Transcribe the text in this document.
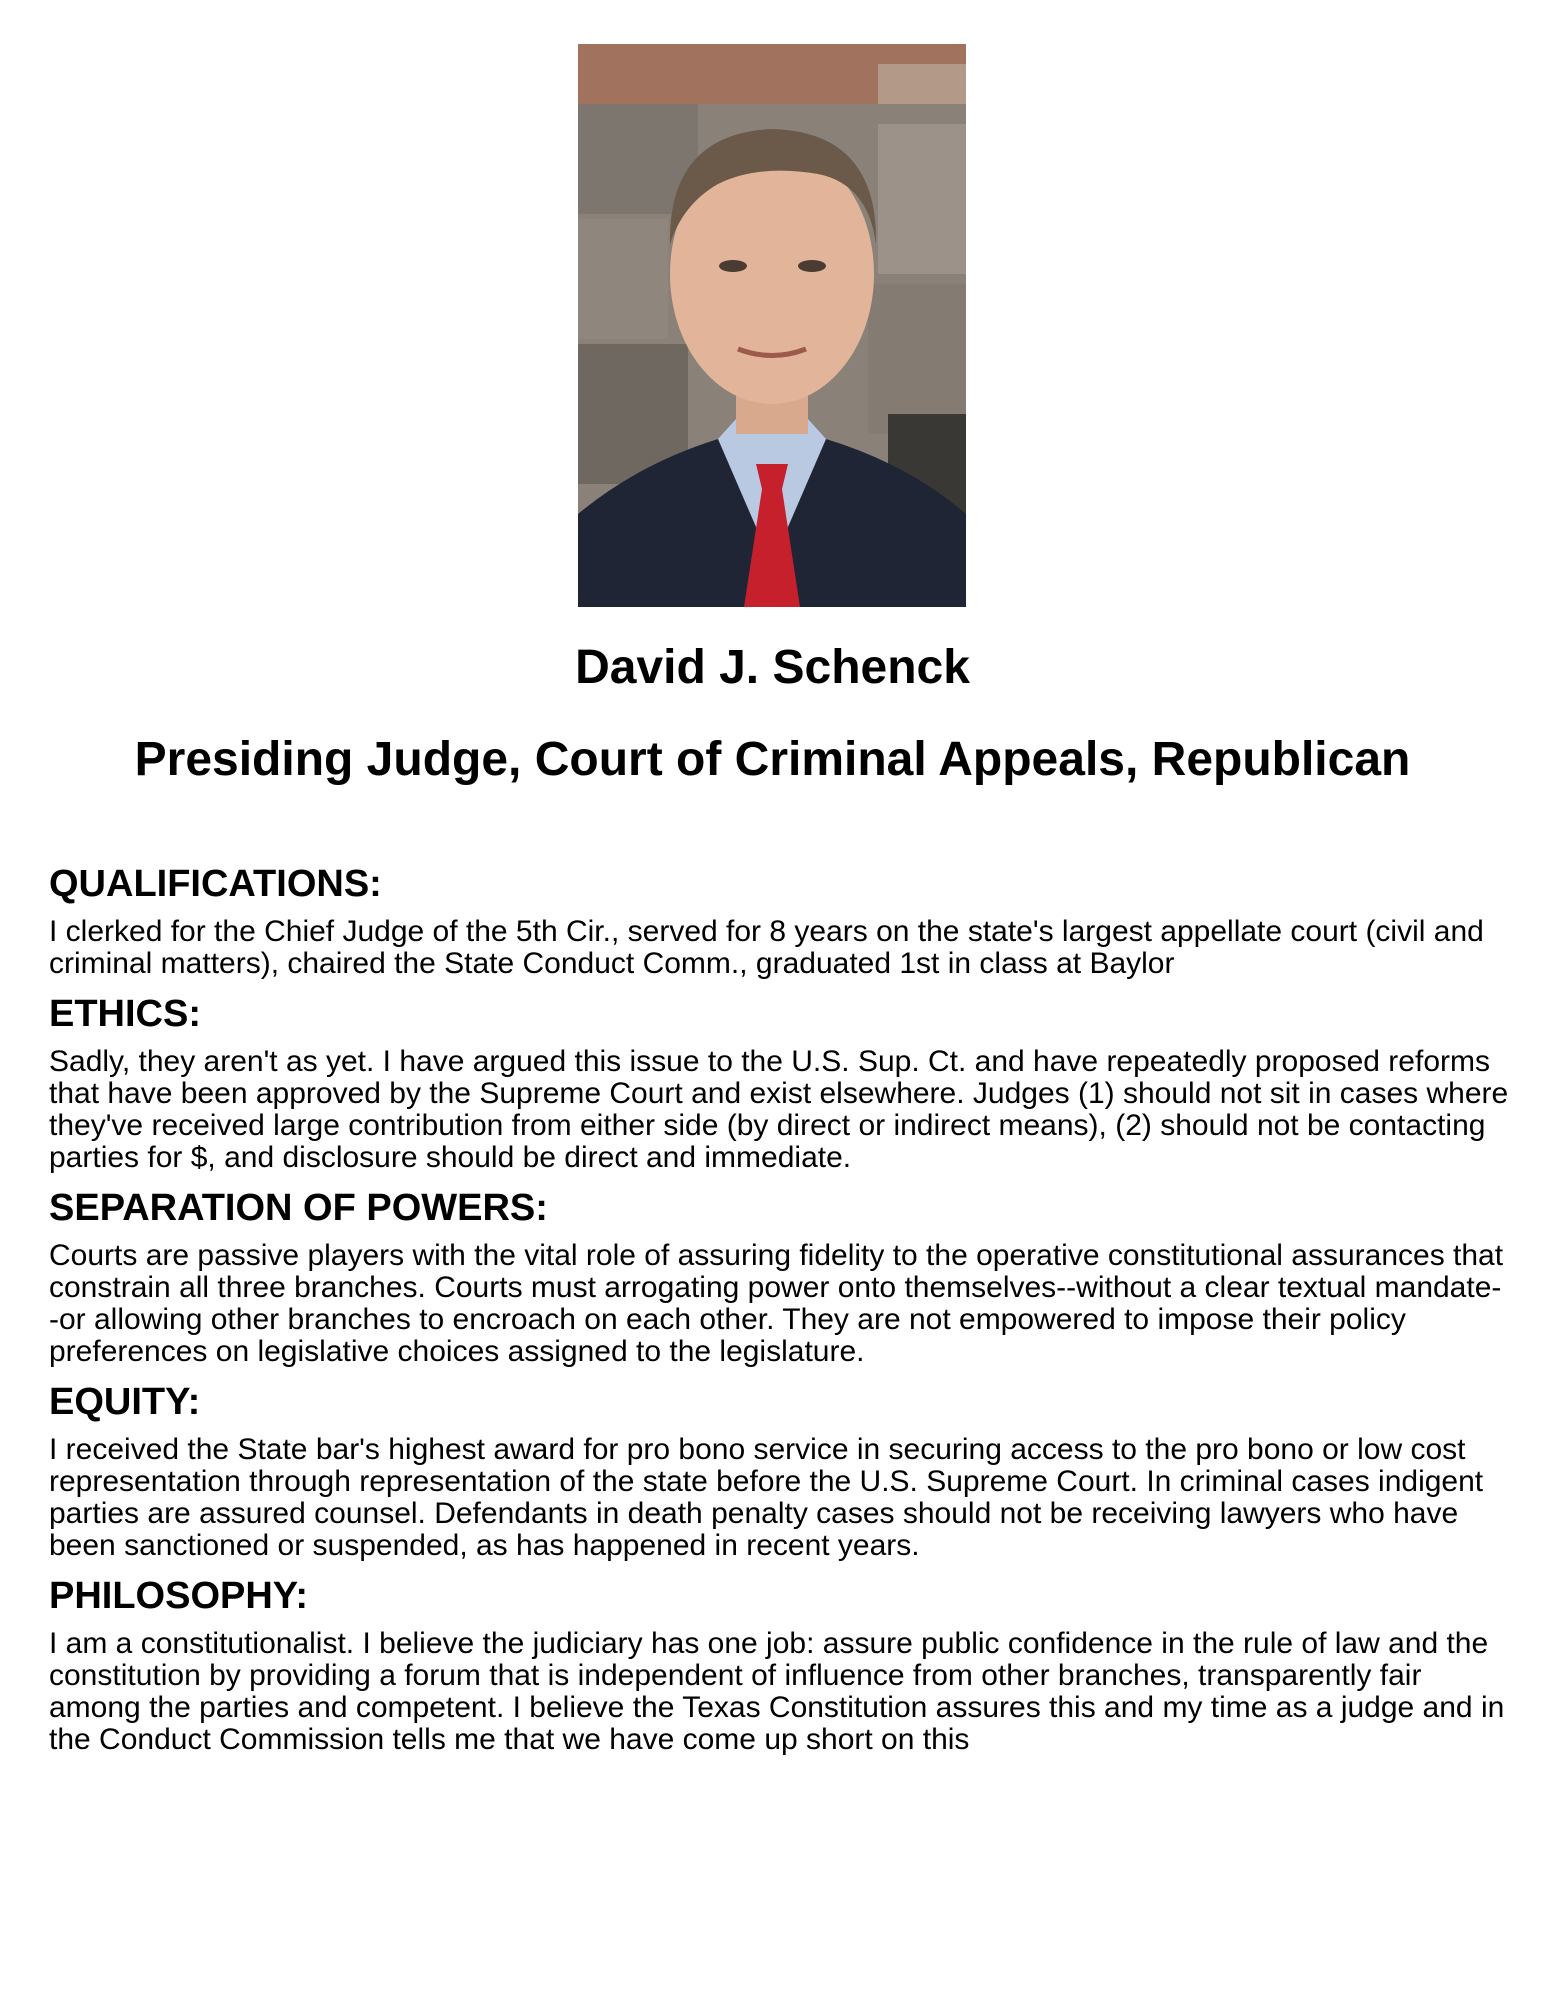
David J. Schenck
Presiding Judge, Court of Criminal Appeals, Republican
QUALIFICATIONS:

I clerked for the Chief Judge of the 5th Cir., served for 8 years on the state's largest appellate court (civil and criminal matters), chaired the State Conduct Comm., graduated 1st in class at Baylor

ETHICS:

Sadly, they aren't as yet. I have argued this issue to the U.S. Sup. Ct. and have repeatedly proposed reforms that have been approved by the Supreme Court and exist elsewhere. Judges (1) should not sit in cases where they've received large contribution from either side (by direct or indirect means), (2) should not be contacting parties for $, and disclosure should be direct and immediate.

SEPARATION OF POWERS:

Courts are passive players with the vital role of assuring fidelity to the operative constitutional assurances that constrain all three branches. Courts must arrogating power onto themselves--without a clear textual mandate--or allowing other branches to encroach on each other. They are not empowered to impose their policy preferences on legislative choices assigned to the legislature.

EQUITY:

I received the State bar's highest award for pro bono service in securing access to the pro bono or low cost representation through representation of the state before the U.S. Supreme Court. In criminal cases indigent parties are assured counsel. Defendants in death penalty cases should not be receiving lawyers who have been sanctioned or suspended, as has happened in recent years.

PHILOSOPHY:

I am a constitutionalist. I believe the judiciary has one job: assure public confidence in the rule of law and the constitution by providing a forum that is independent of influence from other branches, transparently fair among the parties and competent. I believe the Texas Constitution assures this and my time as a judge and in the Conduct Commission tells me that we have come up short on this
